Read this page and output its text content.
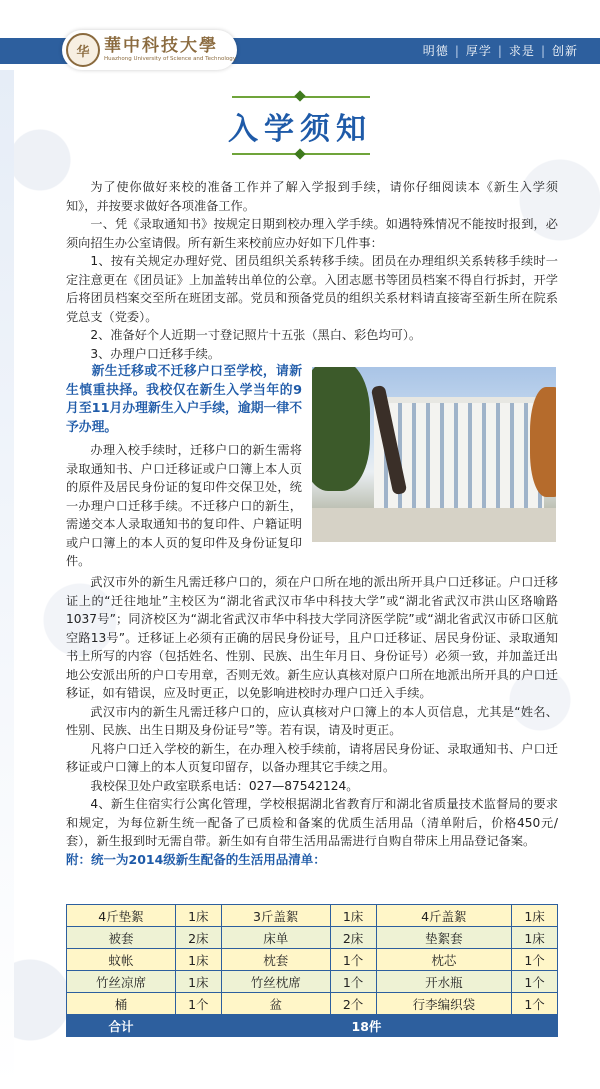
华 華中科技大學
Huazhong University of Science and Technology
明德 | 厚学 | 求是 | 创新
入学须知

为了使你做好来校的准备工作并了解入学报到手续，请你仔细阅读本《新生入学须知》，并按要求做好各项准备工作。

一、凭《录取通知书》按规定日期到校办理入学手续。如遇特殊情况不能按时报到，必须向招生办公室请假。所有新生来校前应办好如下几件事：

1、按有关规定办理好党、团员组织关系转移手续。团员在办理组织关系转移手续时一定注意更在《团员证》上加盖转出单位的公章。入团志愿书等团员档案不得自行拆封，开学后将团员档案交至所在班团支部。党员和预备党员的组织关系材料请直接寄至新生所在院系党总支（党委）。

2、准备好个人近期一寸登记照片十五张（黑白、彩色均可）。

3、办理户口迁移手续。

新生迁移或不迁移户口至学校，请新生慎重抉择。我校仅在新生入学当年的9月至11月办理新生入户手续，逾期一律不予办理。

办理入校手续时，迁移户口的新生需将录取通知书、户口迁移证或户口簿上本人页的原件及居民身份证的复印件交保卫处，统一办理户口迁移手续。不迁移户口的新生，需递交本人录取通知书的复印件、户籍证明或户口簿上的本人页的复印件及身份证复印件。

武汉市外的新生凡需迁移户口的，须在户口所在地的派出所开具户口迁移证。户口迁移证上的“迁往地址”主校区为“湖北省武汉市华中科技大学”或“湖北省武汉市洪山区珞喻路1037号”；同济校区为“湖北省武汉市华中科技大学同济医学院”或“湖北省武汉市硚口区航空路13号”。迁移证上必须有正确的居民身份证号，且户口迁移证、居民身份证、录取通知书上所写的内容（包括姓名、性别、民族、出生年月日、身份证号）必须一致，并加盖迁出地公安派出所的户口专用章，否则无效。新生应认真核对原户口所在地派出所开具的户口迁移证，如有错误，应及时更正，以免影响进校时办理户口迁入手续。

武汉市内的新生凡需迁移户口的，应认真核对户口簿上的本人页信息，尤其是“姓名、性别、民族、出生日期及身份证号”等。若有误，请及时更正。

凡将户口迁入学校的新生，在办理入校手续前，请将居民身份证、录取通知书、户口迁移证或户口簿上的本人页复印留存，以备办理其它手续之用。

我校保卫处户政室联系电话：027—87542124。

4、新生住宿实行公寓化管理，学校根据湖北省教育厅和湖北省质量技术监督局的要求和规定，为每位新生统一配备了已质检和备案的优质生活用品（清单附后，价格450元/套），新生报到时无需自带。新生如有自带生活用品需进行自购自带床上用品登记备案。

附：统一为2014级新生配备的生活用品清单：

4斤垫絮	1床	3斤盖絮	1床	4斤盖絮	1床
被套	2床	床单	2床	垫絮套	1床
蚊帐	1床	枕套	1个	枕芯	1个
竹丝凉席	1床	竹丝枕席	1个	开水瓶	1个
桶	1个	盆	2个	行李编织袋	1个
合计	18件				
